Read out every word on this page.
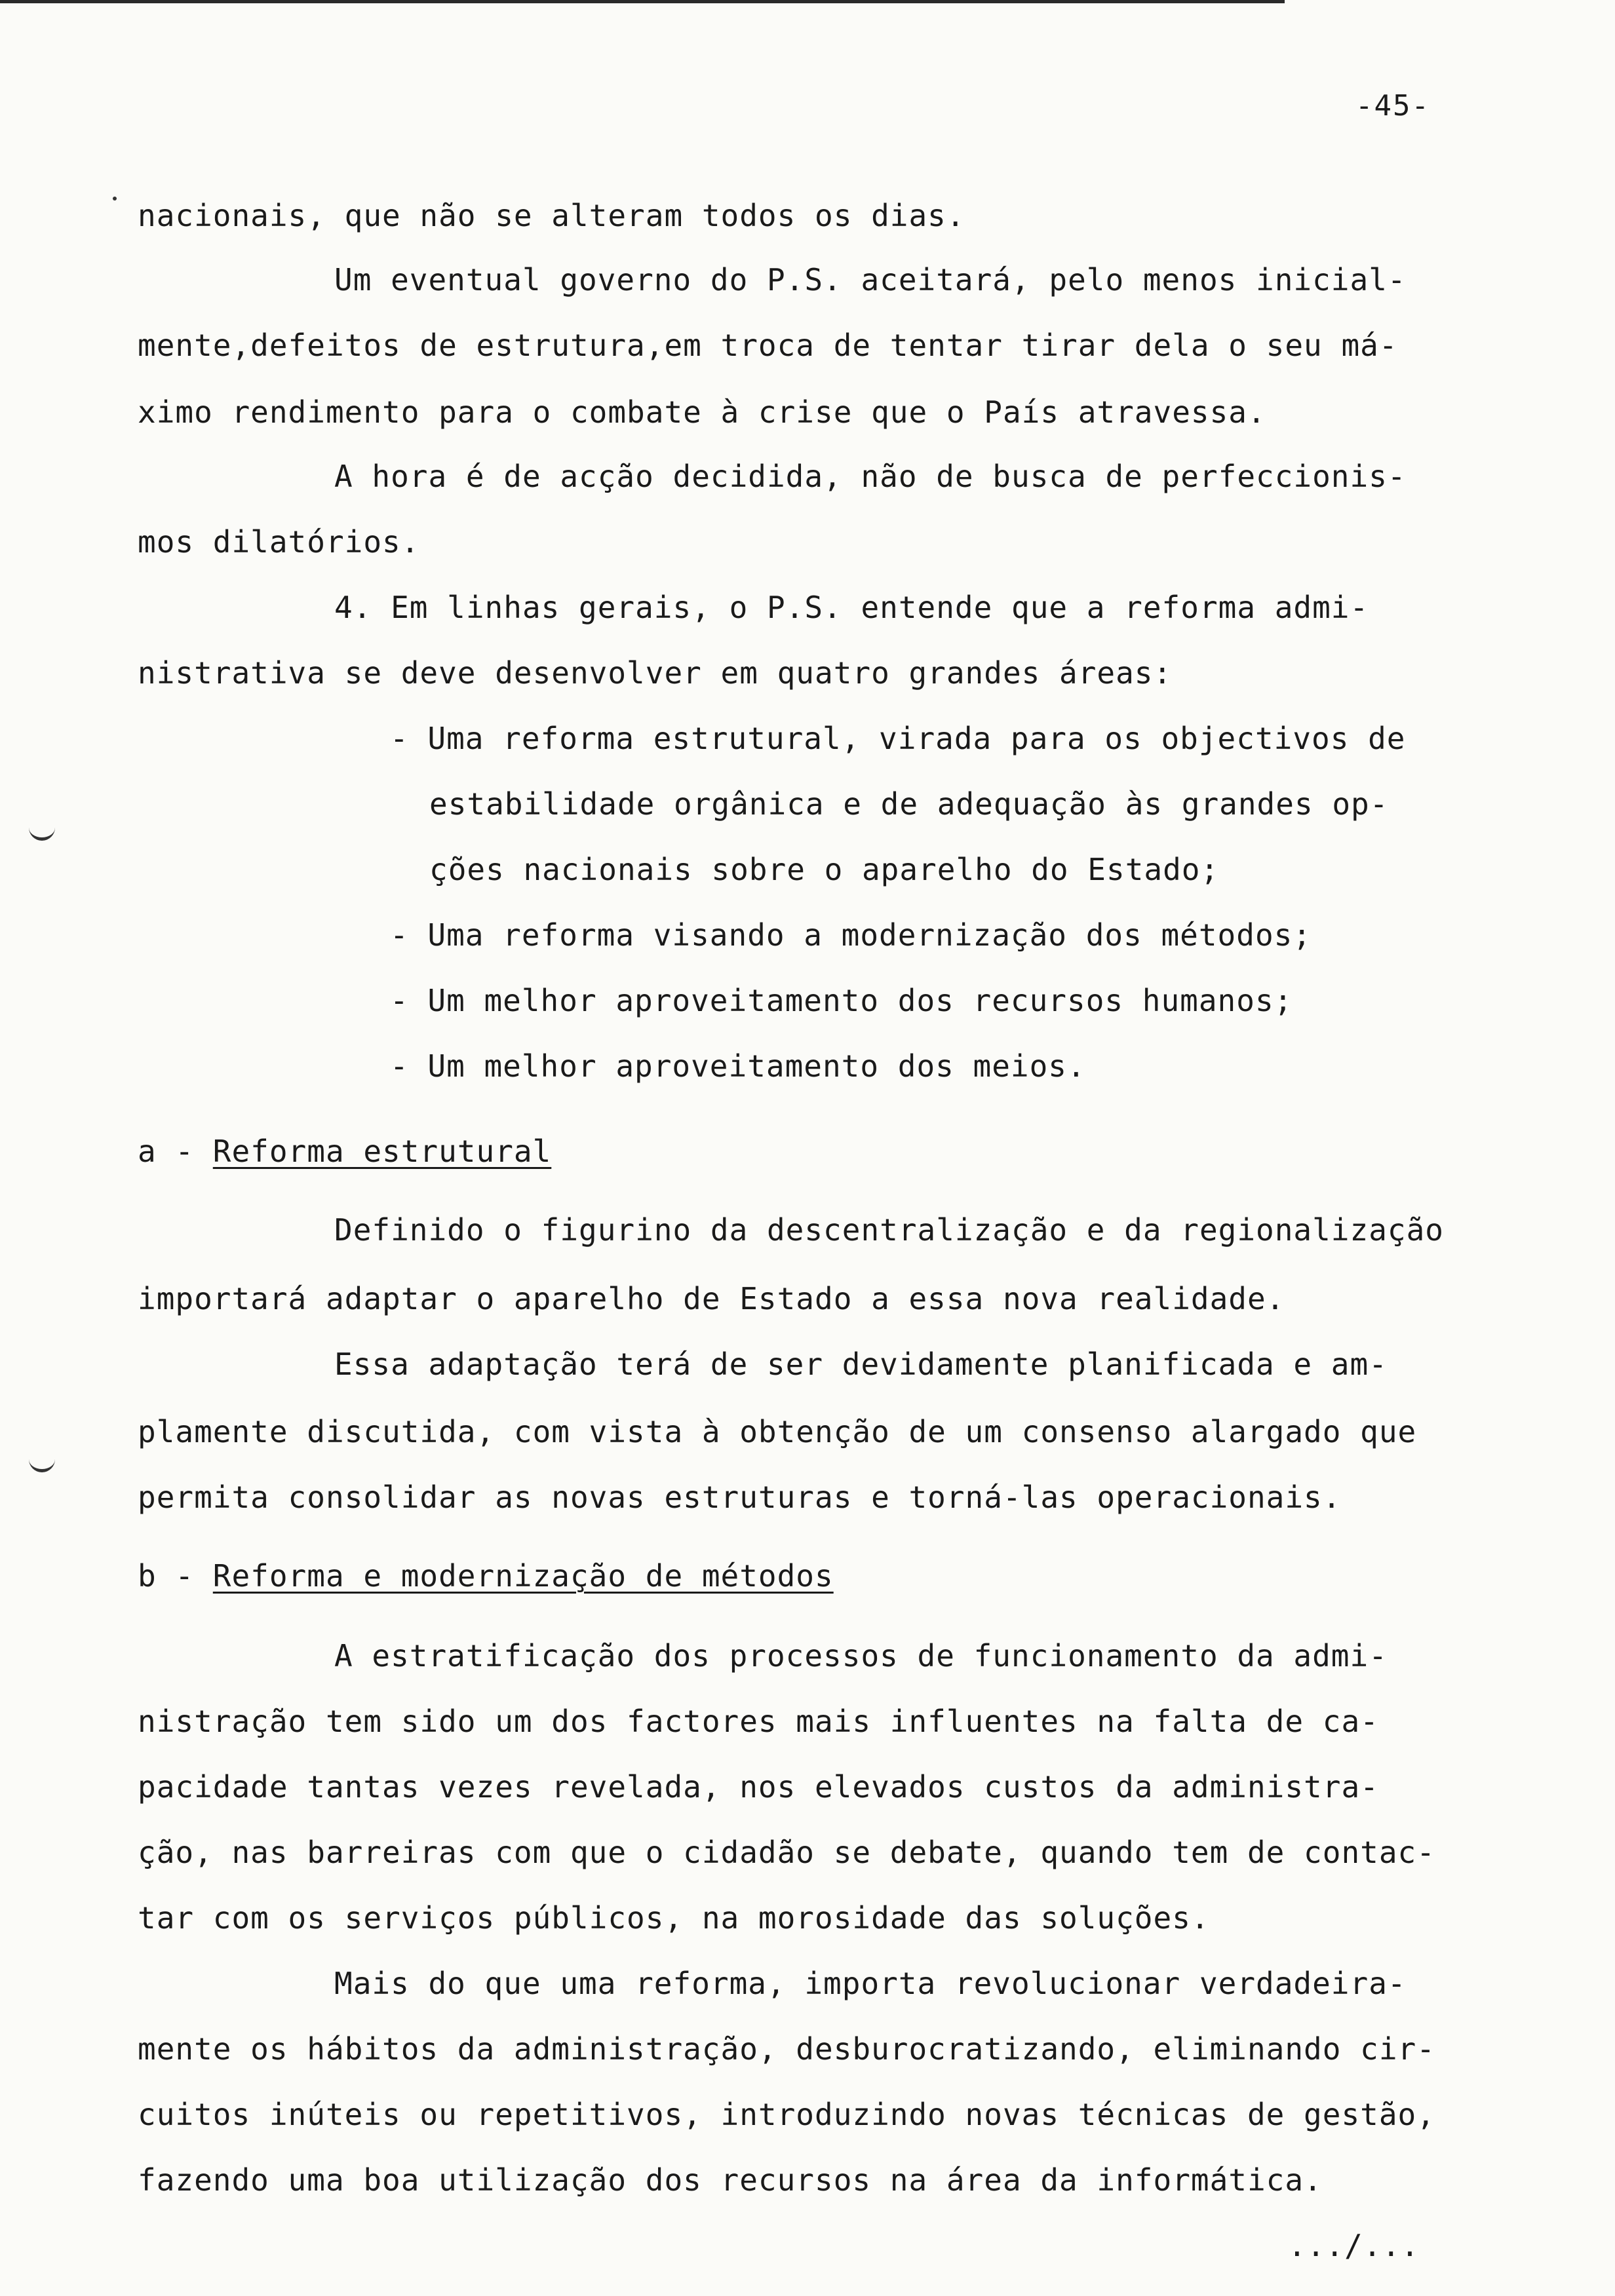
-45-
nacionais, que não se alteram todos os dias.
Um eventual governo do P.S. aceitará, pelo menos inicial-
mente,defeitos de estrutura,em troca de tentar tirar dela o seu má-
ximo rendimento para o combate à crise que o País atravessa.
A hora é de acção decidida, não de busca de perfeccionis-
mos dilatórios.
4. Em linhas gerais, o P.S. entende que a reforma admi-
nistrativa se deve desenvolver em quatro grandes áreas:
- Uma reforma estrutural, virada para os objectivos de
estabilidade orgânica e de adequação às grandes op-
ções nacionais sobre o aparelho do Estado;
- Uma reforma visando a modernização dos métodos;
- Um melhor aproveitamento dos recursos humanos;
- Um melhor aproveitamento dos meios.
a - Reforma estrutural
Definido o figurino da descentralização e da regionalização
importará adaptar o aparelho de Estado a essa nova realidade.
Essa adaptação terá de ser devidamente planificada e am-
plamente discutida, com vista à obtenção de um consenso alargado que
permita consolidar as novas estruturas e torná-las operacionais.
b - Reforma e modernização de métodos
A estratificação dos processos de funcionamento da admi-
nistração tem sido um dos factores mais influentes na falta de ca-
pacidade tantas vezes revelada, nos elevados custos da administra-
ção, nas barreiras com que o cidadão se debate, quando tem de contac-
tar com os serviços públicos, na morosidade das soluções.
Mais do que uma reforma, importa revolucionar verdadeira-
mente os hábitos da administração, desburocratizando, eliminando cir-
cuitos inúteis ou repetitivos, introduzindo novas técnicas de gestão,
fazendo uma boa utilização dos recursos na área da informática.
.../...
